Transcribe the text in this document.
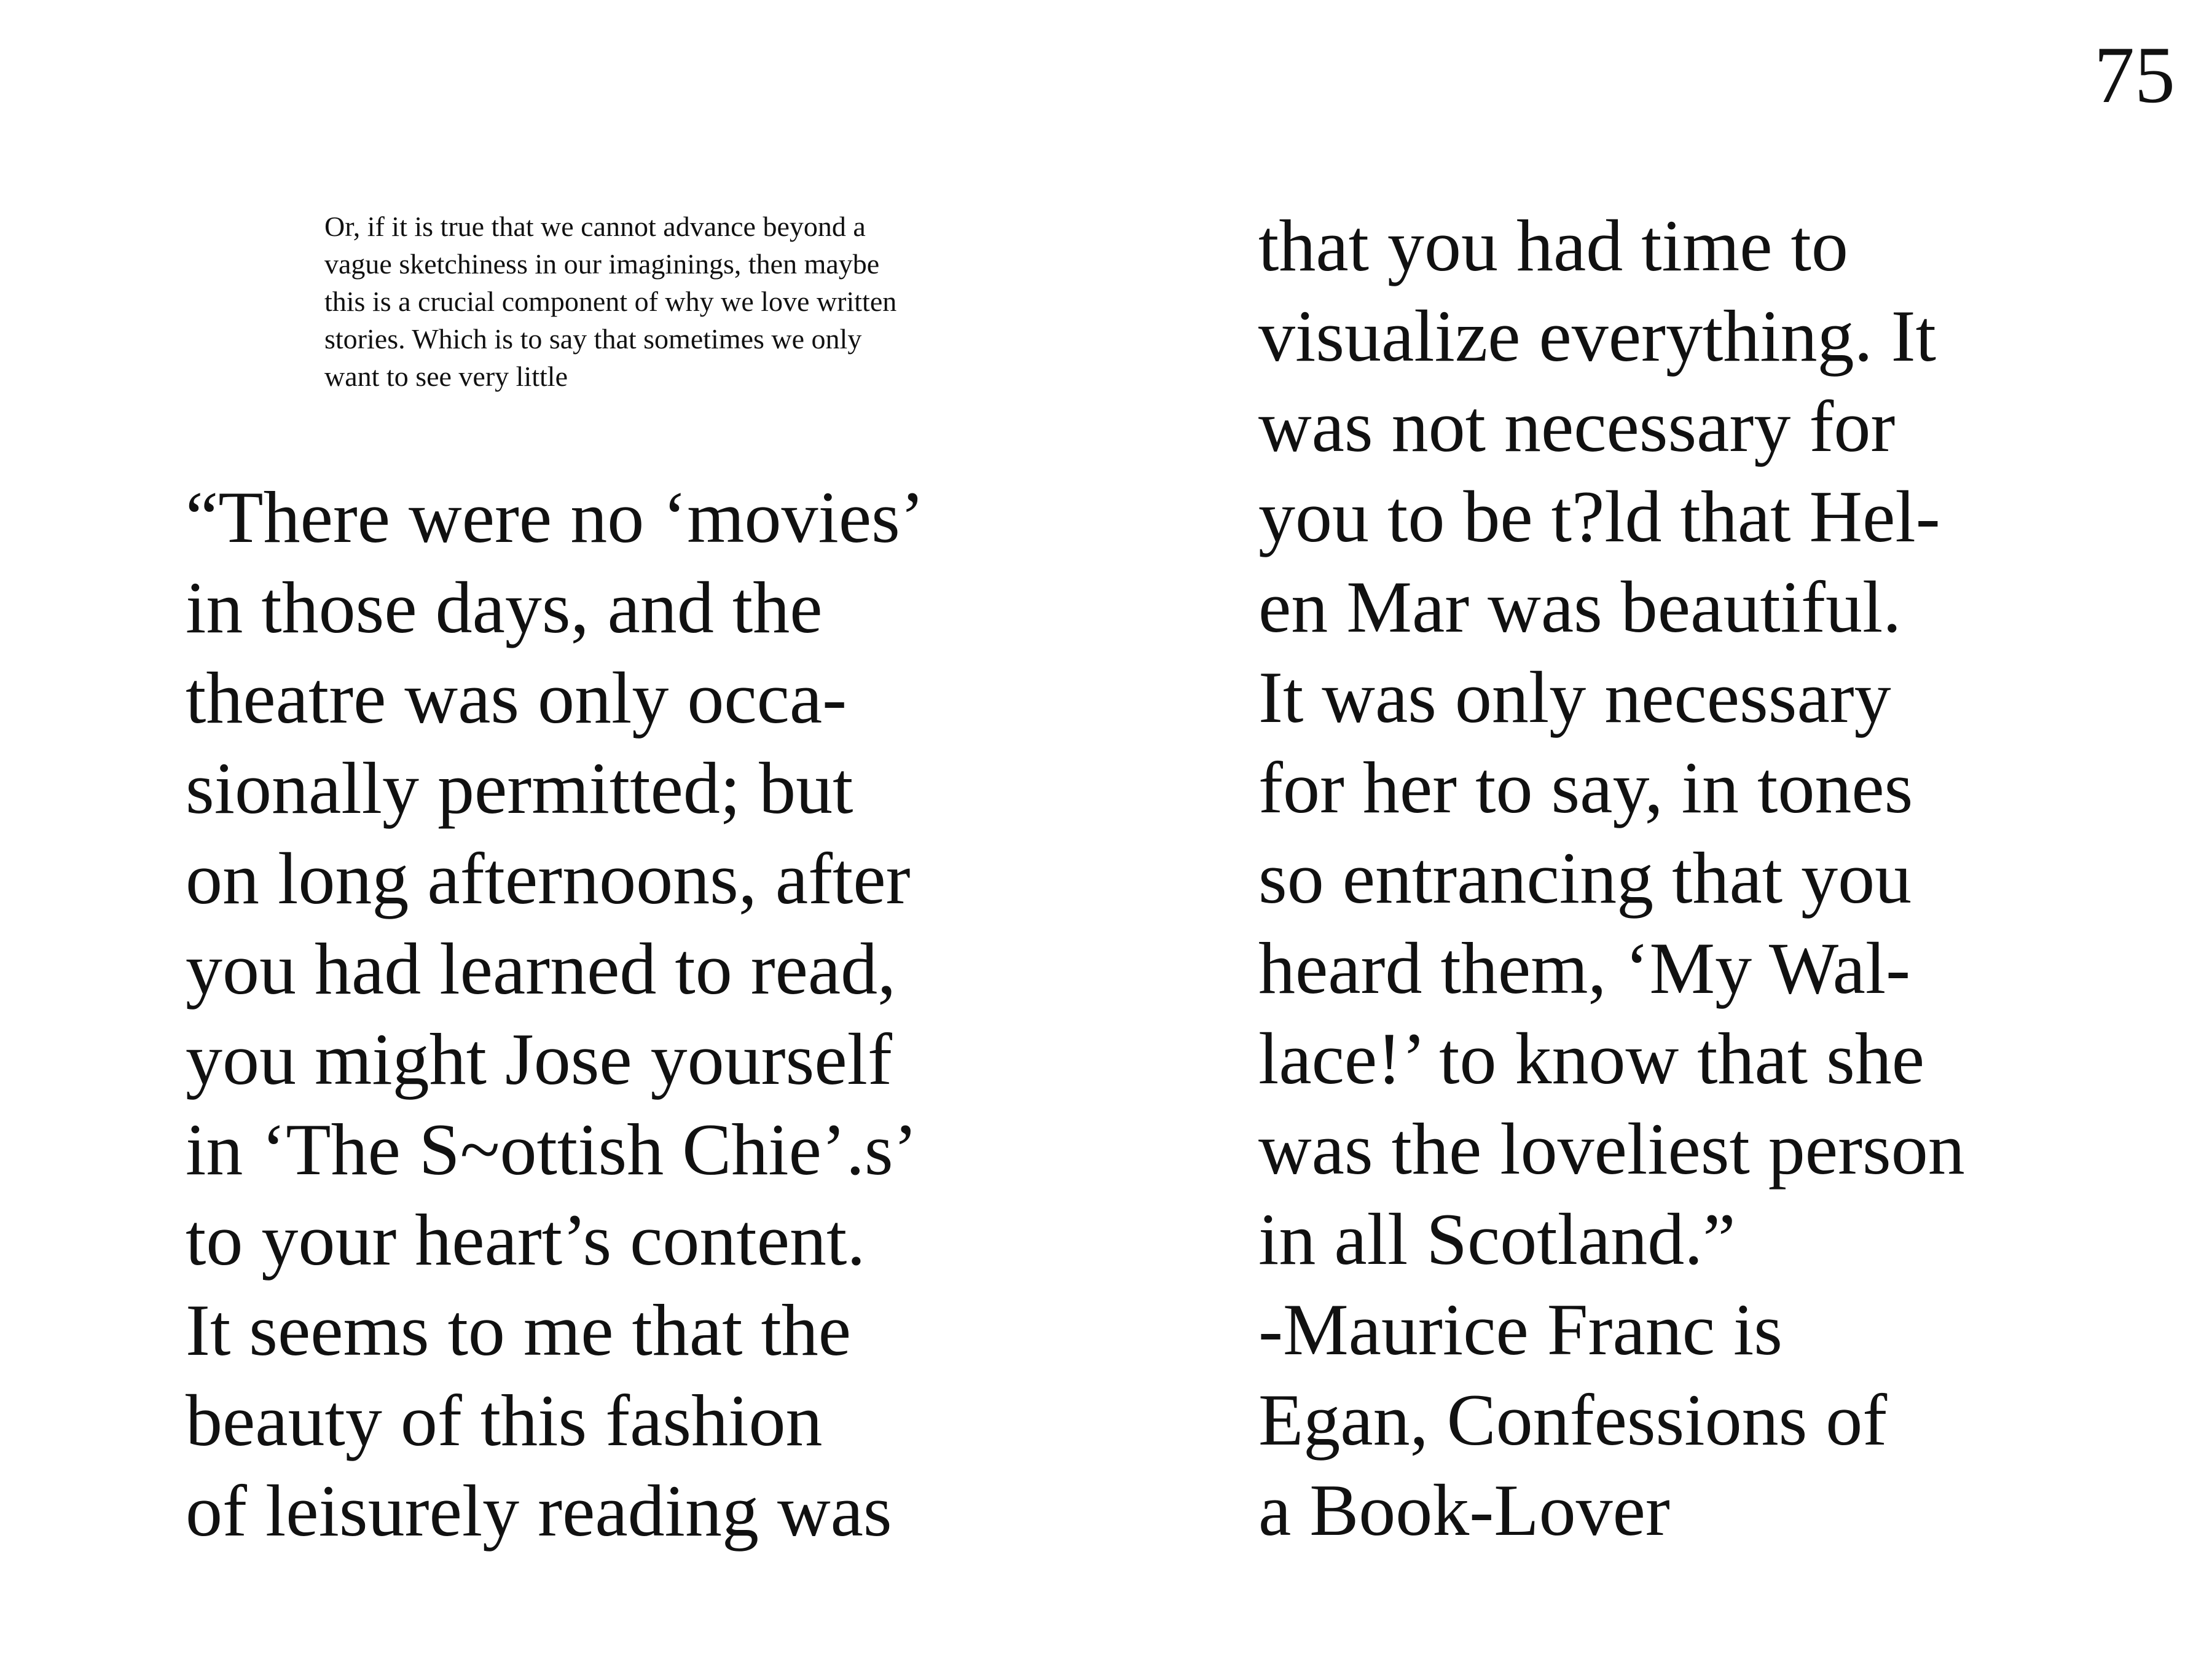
75
Or, if it is true that we cannot advance beyond a
vague sketchiness in our imaginings, then maybe
this is a crucial component of why we love written
stories. Which is to say that sometimes we only
want to see very little
“There were no ‘movies’
in those days, and the
theatre was only occa-
sionally permitted; but
on long afternoons, after
you had learned to read,
you might Jose yourself
in ‘The S~ottish Chie’.s’
to your heart’s content.
It seems to me that the
beauty of this fashion
of leisurely reading was
that you had time to
visualize everything. It
was not necessary for
you to be t?ld that Hel-
en Mar was beautiful.
It was only necessary
for her to say, in tones
so entrancing that you
heard them, ‘My Wal-
lace!’ to know that she
was the loveliest person
in all Scotland.”
-Maurice Franc is
Egan, Confessions of
a Book-Lover
